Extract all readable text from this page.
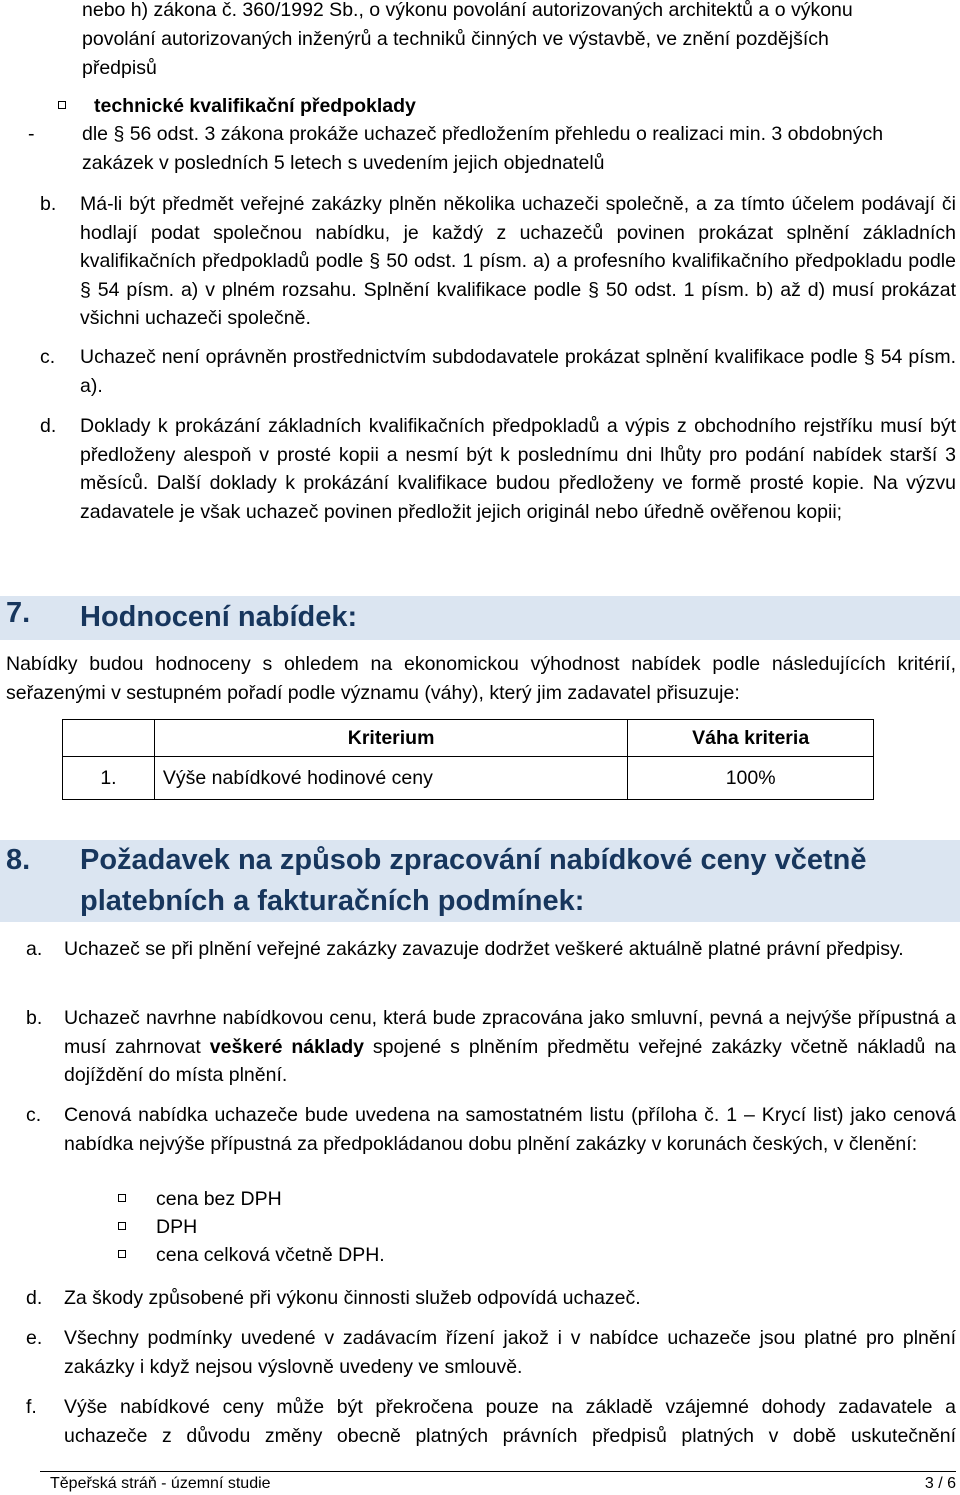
nebo h) zákona č. 360/1992 Sb., o výkonu povolání autorizovaných architektů a o výkonu
povolání autorizovaných inženýrů a techniků činných ve výstavbě, ve znění pozdějších
předpisů
technické kvalifikační předpoklady
- dle § 56 odst. 3 zákona prokáže uchazeč předložením přehledu o realizaci min. 3 obdobných
zakázek v posledních 5 letech s uvedením jejich objednatelů
b. Má-li být předmět veřejné zakázky plněn několika uchazeči společně, a za tímto účelem podávají či hodlají podat společnou nabídku, je každý z uchazečů povinen prokázat splnění základních kvalifikačních předpokladů podle § 50 odst. 1 písm. a) a profesního kvalifikačního předpokladu podle § 54 písm. a) v plném rozsahu. Splnění kvalifikace podle § 50 odst. 1 písm. b) až d) musí prokázat všichni uchazeči společně.
c. Uchazeč není oprávněn prostřednictvím subdodavatele prokázat splnění kvalifikace podle § 54 písm. a).
d. Doklady k prokázání základních kvalifikačních předpokladů a výpis z obchodního rejstříku musí být předloženy alespoň v prosté kopii a nesmí být k poslednímu dni lhůty pro podání nabídek starší 3 měsíců. Další doklady k prokázání kvalifikace budou předloženy ve formě prosté kopie. Na výzvu zadavatele je však uchazeč povinen předložit jejich originál nebo úředně ověřenou kopii;
7. Hodnocení nabídek:
Nabídky budou hodnoceny s ohledem na ekonomickou výhodnost nabídek podle následujících kritérií, seřazenými v sestupném pořadí podle významu (váhy), který jim zadavatel přisuzuje:
	Kriterium	Váha kriteria
1.	Výše nabídkové hodinové ceny	100%
8. Požadavek na způsob zpracování nabídkové ceny včetně
platebních a fakturačních podmínek:
a. Uchazeč se při plnění veřejné zakázky zavazuje dodržet veškeré aktuálně platné právní předpisy.
b. Uchazeč navrhne nabídkovou cenu, která bude zpracována jako smluvní, pevná a nejvýše přípustná a musí zahrnovat veškeré náklady spojené s plněním předmětu veřejné zakázky včetně nákladů na dojíždění do místa plnění.
c. Cenová nabídka uchazeče bude uvedena na samostatném listu (příloha č. 1 – Krycí list) jako cenová nabídka nejvýše přípustná za předpokládanou dobu plnění zakázky v korunách českých, v členění:
cena bez DPH
DPH
cena celková včetně DPH.
d. Za škody způsobené při výkonu činnosti služeb odpovídá uchazeč.
e. Všechny podmínky uvedené v zadávacím řízení jakož i v nabídce uchazeče jsou platné pro plnění zakázky i když nejsou výslovně uvedeny ve smlouvě.
f. Výše nabídkové ceny může být překročena pouze na základě vzájemné dohody zadavatele a uchazeče z důvodu změny obecně platných právních předpisů platných v době uskutečnění
Těpeřská stráň - územní studie	3 / 6
